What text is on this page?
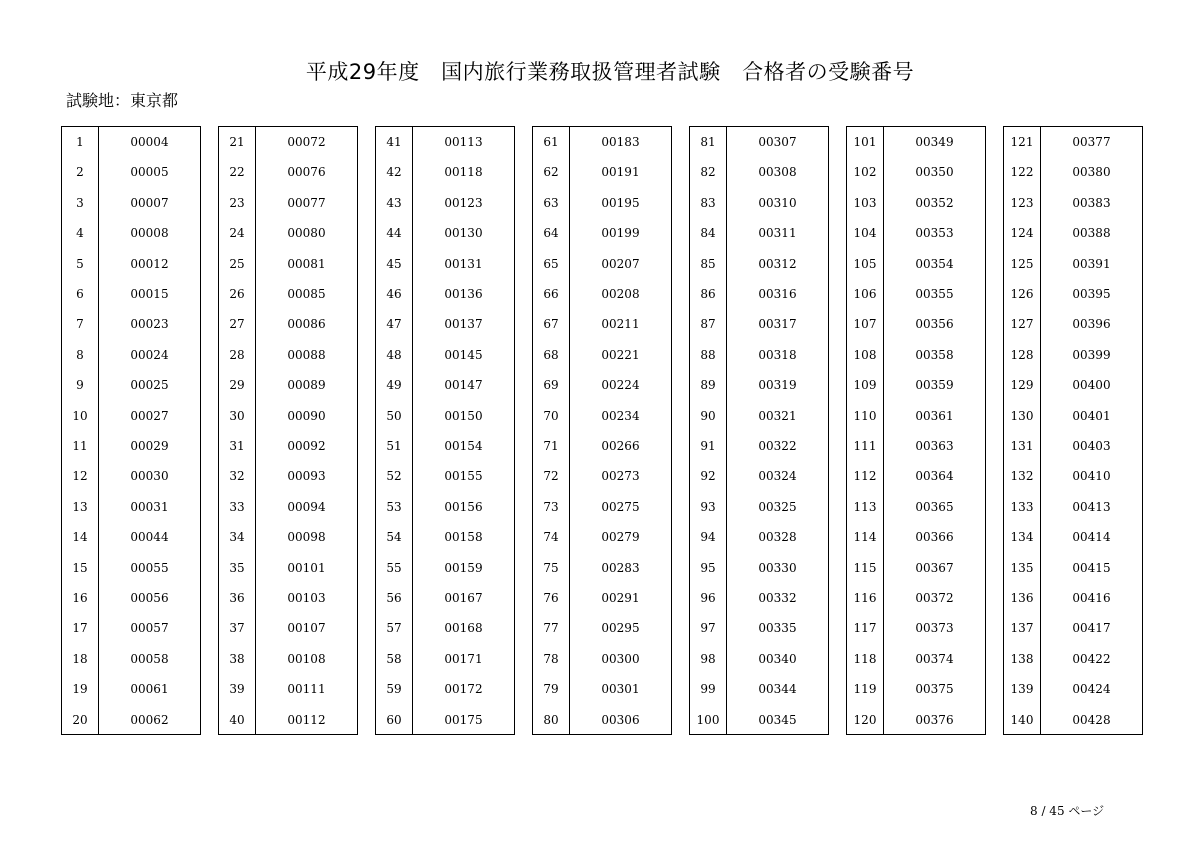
平成29年度　国内旅行業務取扱管理者試験　合格者の受験番号
試験地：東京都
1	00004
2	00005
3	00007
4	00008
5	00012
6	00015
7	00023
8	00024
9	00025
10	00027
11	00029
12	00030
13	00031
14	00044
15	00055
16	00056
17	00057
18	00058
19	00061
20	00062
21	00072
22	00076
23	00077
24	00080
25	00081
26	00085
27	00086
28	00088
29	00089
30	00090
31	00092
32	00093
33	00094
34	00098
35	00101
36	00103
37	00107
38	00108
39	00111
40	00112
41	00113
42	00118
43	00123
44	00130
45	00131
46	00136
47	00137
48	00145
49	00147
50	00150
51	00154
52	00155
53	00156
54	00158
55	00159
56	00167
57	00168
58	00171
59	00172
60	00175
61	00183
62	00191
63	00195
64	00199
65	00207
66	00208
67	00211
68	00221
69	00224
70	00234
71	00266
72	00273
73	00275
74	00279
75	00283
76	00291
77	00295
78	00300
79	00301
80	00306
81	00307
82	00308
83	00310
84	00311
85	00312
86	00316
87	00317
88	00318
89	00319
90	00321
91	00322
92	00324
93	00325
94	00328
95	00330
96	00332
97	00335
98	00340
99	00344
100	00345
101	00349
102	00350
103	00352
104	00353
105	00354
106	00355
107	00356
108	00358
109	00359
110	00361
111	00363
112	00364
113	00365
114	00366
115	00367
116	00372
117	00373
118	00374
119	00375
120	00376
121	00377
122	00380
123	00383
124	00388
125	00391
126	00395
127	00396
128	00399
129	00400
130	00401
131	00403
132	00410
133	00413
134	00414
135	00415
136	00416
137	00417
138	00422
139	00424
140	00428
8 / 45 ページ
